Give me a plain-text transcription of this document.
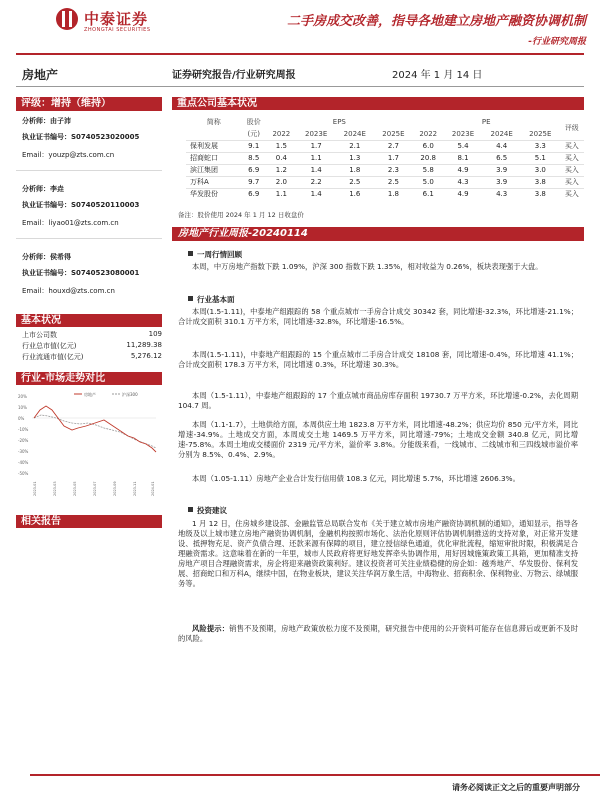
中泰证券
ZHONGTAI SECURITIES
二手房成交改善，指导各地建立房地产融资协调机制
-行业研究周报
房地产	证券研究报告/行业研究周报	2024 年 1 月 14 日
评级：增持（维持）
分析师：由子沛
执业证书编号：S0740523020005
Email：youzp@zts.com.cn
分析师：李垚
执业证书编号：S0740520110003
Email：liyao01@zts.com.cn
分析师：侯希得
执业证书编号：S0740523080001
Email：houxd@zts.com.cn
基本状况
上市公司数	109
行业总市值(亿元)	11,289.38
行业流通市值(亿元)	5,276.12
行业-市场走势对比
20%
10%
0%
-10%
-20%
-30%
-40%
-50%
2023-01	2023-03	2023-05	2023-07	2023-09	2023-11	2024-01
房地产	沪深300
相关报告
重点公司基本状况
简称	股价	EPS				PE				评级
	(元)	2022	2023E	2024E	2025E	2022	2023E	2024E	2025E	
保利发展	9.1	1.5	1.7	2.1	2.7	6.0	5.4	4.4	3.3	买入
招商蛇口	8.5	0.4	1.1	1.3	1.7	20.8	8.1	6.5	5.1	买入
滨江集团	6.9	1.2	1.4	1.8	2.3	5.8	4.9	3.9	3.0	买入
万科A	9.7	2.0	2.2	2.5	2.5	5.0	4.3	3.9	3.8	买入
华发股份	6.9	1.1	1.4	1.6	1.8	6.1	4.9	4.3	3.8	买入
备注：股价使用 2024 年 1 月 12 日收盘价
房地产行业周报-20240114
一周行情回顾
本周，中万房地产指数下跌 1.09%，沪深 300 指数下跌 1.35%，相对收益为 0.26%，板块表现强于大盘。
行业基本面
本周(1.5-1.11)，中泰地产组跟踪的 58 个重点城市一手房合计成交 30342 套，同比增速-32.3%，环比增速-21.1%；合计成交面积 310.1 万平方米，同比增速-32.8%，环比增速-16.5%。
本周(1.5-1.11)，中泰地产组跟踪的 15 个重点城市二手房合计成交 18108 套，同比增速-0.4%，环比增速 41.1%；合计成交面积 178.3 万平方米，同比增速 0.3%，环比增速 30.3%。
本周（1.5-1.11），中泰地产组跟踪的 17 个重点城市商品房库存面积 19730.7 万平方米，环比增速-0.2%，去化周期 104.7 周。
本周（1.1-1.7），土地供给方面，本周供应土地 1823.8 万平方米，同比增速-48.2%；供应均价 850 元/平方米，同比增速-34.9%。土地成交方面，本周成交土地 1469.5 万平方米，同比增速-79%；土地成交金额 340.8 亿元，同比增速-75.8%。本周土地成交楼面价 2319 元/平方米，溢价率 3.8%。分能级来看，一线城市、二线城市和三四线城市溢价率分别为 8.5%、0.4%、2.9%。
本周（1.05-1.11）房地产企业合计发行信用债 108.3 亿元，同比增速 5.7%，环比增速 2606.3%。
投资建议
1 月 12 日，住房城乡建设部、金融监管总局联合发布《关于建立城市房地产融资协调机制的通知》，通知显示，指导各地级及以上城市建立房地产融资协调机制，金融机构按照市场化、法治化原则评估协调机制推送的支持对象，对正常开发建设、抵押物充足、资产负债合理、还款来源有保障的项目，建立授信绿色通道，优化审批流程，缩短审批时限，积极满足合理融资需求。这意味着在新的一年里，城市人民政府将更好地发挥牵头协调作用，用好因城施策政策工具箱，更加精准支持房地产项目合理融资需求，房企将迎来融资政策利好。建议投资者可关注业绩稳健的房企如：越秀地产、华发股份、保利发展、招商蛇口和万科A，继续中国，在物业板块，建议关注华润万象生活，中海物业、招商积余、保利物业、万物云、绿城服务等。
风险提示：销售不及预期，房地产政策放松力度不及预期，研究报告中使用的公开资料可能存在信息滞后或更新不及时的风险。
请务必阅读正文之后的重要声明部分
